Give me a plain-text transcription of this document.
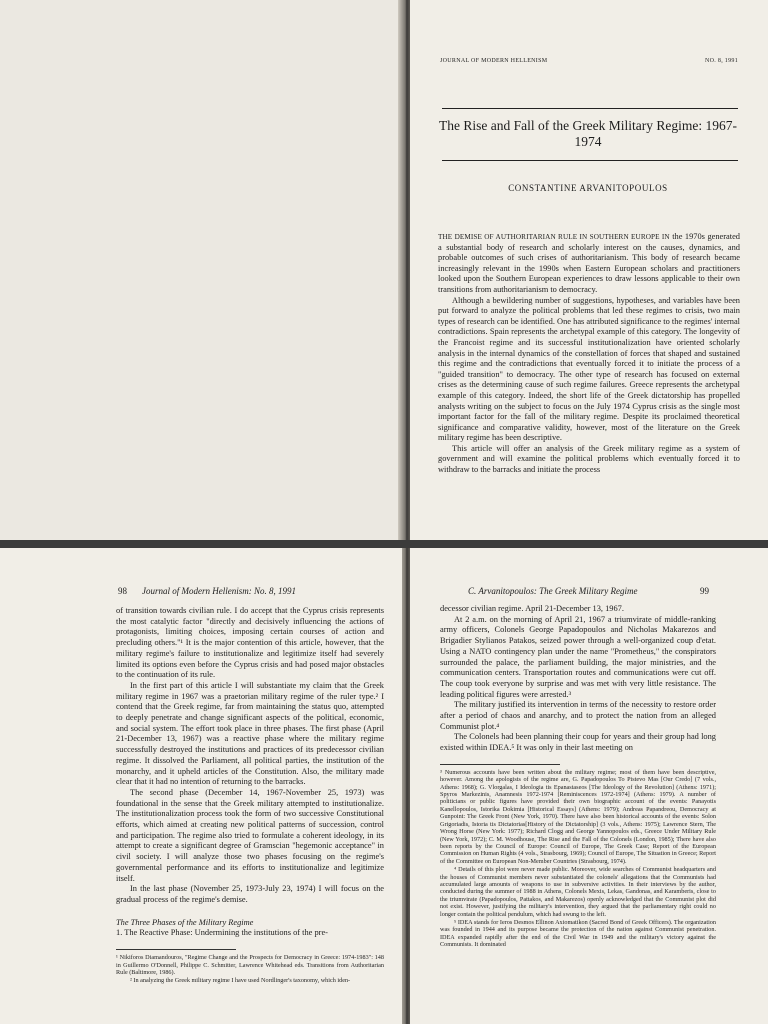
JOURNAL OF MODERN HELLENISM	NO. 8, 1991
The Rise and Fall of the Greek Military Regime: 1967-1974
CONSTANTINE ARVANITOPOULOS

THE DEMISE OF AUTHORITARIAN RULE IN SOUTHERN EUROPE IN the 1970s generated a substantial body of research and scholarly interest on the causes, dynamics, and probable outcomes of such crises of authoritarianism. This body of research became increasingly relevant in the 1990s when Eastern European scholars and practitioners looked upon the Southern European experiences to draw lessons applicable to their own transitions from authoritarianism to democracy.

Although a bewildering number of suggestions, hypotheses, and variables have been put forward to analyze the political problems that led these regimes to crisis, two main types of research can be identified. One has attributed significance to the regimes' internal contradictions. Spain represents the archetypal example of this category. The longevity of the Francoist regime and its successful institutionalization have oriented scholarly analysis in the internal dynamics of the constellation of forces that shaped and sustained this regime and the contradictions that eventually forced it to initiate the process of a "guided transition" to democracy. The other type of research has focused on external crises as the determining cause of such regime failures. Greece represents the archetypal example of this category. Indeed, the short life of the Greek dictatorship has propelled analysts writing on the subject to focus on the July 1974 Cyprus crisis as the single most important factor for the fall of the military regime. Despite its proclaimed theoretical significance and comparative validity, however, most of the literature on the Greek military regime has been descriptive.

This article will offer an analysis of the Greek military regime as a system of government and will examine the political problems which eventually forced it to withdraw to the barracks and initiate the process

98 Journal of Modern Hellenism: No. 8, 1991

of transition towards civilian rule. I do accept that the Cyprus crisis represents the most catalytic factor "directly and decisively influencing the actions of protagonists, limiting choices, imposing certain courses of action and precluding others."¹ It is the major contention of this article, however, that the military regime's failure to institutionalize and legitimize itself had severely limited its options even before the Cyprus crisis and had posed major obstacles to the continuation of its rule.

In the first part of this article I will substantiate my claim that the Greek military regime in 1967 was a praetorian military regime of the ruler type.² I contend that the Greek regime, far from maintaining the status quo, attempted to deeply penetrate and change significant aspects of the political, economic, and social system. The effort took place in three phases. The first phase (April 21-December 13, 1967) was a reactive phase where the military regime successfully destroyed the institutions and practices of its predecessor civilian regime. It dissolved the Parliament, all political parties, the institution of the monarchy, and it upheld articles of the Constitution. Also, the military made clear that it had no intention of returning to the barracks.

The second phase (December 14, 1967-November 25, 1973) was foundational in the sense that the Greek military attempted to institutionalize. The institutionalization process took the form of two successive Constitutional efforts, which aimed at creating new political patterns of succession, control and participation. The regime also tried to formulate a coherent ideology, in its attempt to create a significant degree of Gramscian "hegemonic acceptance" in civil society. I will analyze those two phases focusing on the regime's governmental performance and its efforts to institutionalize and legitimize itself.

In the last phase (November 25, 1973-July 23, 1974) I will focus on the gradual process of the regime's demise.

The Three Phases of the Military Regime

1. The Reactive Phase: Undermining the institutions of the pre-

¹ Nikiforos Diamandouros, "Regime Change and the Prospects for Democracy in Greece: 1974-1983": 148 in Guillermo O'Donnell, Philippe C. Schmitter, Lawrence Whitehead eds. Transitions from Authoritarian Rule (Baltimore, 1986).

² In analyzing the Greek military regime I have used Nordlinger's taxonomy, which iden-

C. Arvanitopoulos: The Greek Military Regime	99

decessor civilian regime. April 21-December 13, 1967.

At 2 a.m. on the morning of April 21, 1967 a triumvirate of middle-ranking army officers, Colonels George Papadopoulos and Nicholas Makarezos and Brigadier Stylianos Patakos, seized power through a well-organized coup d'etat. Using a NATO contingency plan under the name "Prometheus," the conspirators surrounded the palace, the parliament building, the major ministries, and the communication centers. Transportation routes and communications were cut off. The coup took everyone by surprise and was met with very little resistance. The leading political figures were arrested.³

The military justified its intervention in terms of the necessity to restore order after a period of chaos and anarchy, and to protect the nation from an alleged Communist plot.⁴

The Colonels had been planning their coup for years and their group had long existed within IDEA.⁵ It was only in their last meeting on

³ Numerous accounts have been written about the military regime; most of them have been descriptive, however. Among the apologists of the regime are, G. Papadopoulos To Pistevo Mas [Our Credo] (7 vols., Athens: 1968); G. Vlorgalas, I Ideologia tis Epanastaseos [The Ideology of the Revolution] (Athens: 1971); Spyros Markezinis, Anamnesis 1972-1974 [Reminiscences 1972-1974] (Athens: 1979). A number of politicians or public figures have provided their own biographic account of the events: Panayotis Kanellopoulos, Istorika Dokimia [Historical Essays] (Athens: 1979); Andreas Papandreou, Democracy at Gunpoint: The Greek Front (New York, 1970). There have also been historical accounts of the events: Solon Grigoriadis, Istoria tis Dictatorias[History of the Dictatorship] (3 vols., Athens: 1975); Lawrence Stern, The Wrong Horse (New York: 1977); Richard Clogg and George Yannopoulos eds., Greece Under Military Rule (New York, 1972); C. M. Woodhouse, The Rise and the Fall of the Colonels (London, 1985); There have also been reports by the Council of Europe: Council of Europe, The Greek Case; Report of the European Commission on Human Rights (4 vols., Strasbourg, 1969); Council of Europe, The Situation in Greece; Report of the Committee on European Non-Member Countries (Strasbourg, 1974).

⁴ Details of this plot were never made public. Moreover, wide searches of Communist headquarters and the houses of Communist members never substantiated the colonels' allegations that the Communists had accumulated large amounts of weapons to use in subversive activities. In their interviews by the author, conducted during the summer of 1988 in Athens, Colonels Mexis, Lekas, Gandonas, and Karamberis, close to the triumvirate (Papadopoulos, Pattakos, and Makarezos) openly acknowledged that the Communist plot did not exist. However, justifying the military's intervention, they argued that the parliamentary right could no longer contain the political pendulum, which had swung to the left.

⁵ IDEA stands for Ieros Desmos Ellinon Axiomatikon (Sacred Bond of Greek Officers). The organization was founded in 1944 and its purpose became the protection of the nation against Communist penetration. IDEA expanded rapidly after the end of the Civil War in 1949 and the military's victory against the Communists. It dominated
